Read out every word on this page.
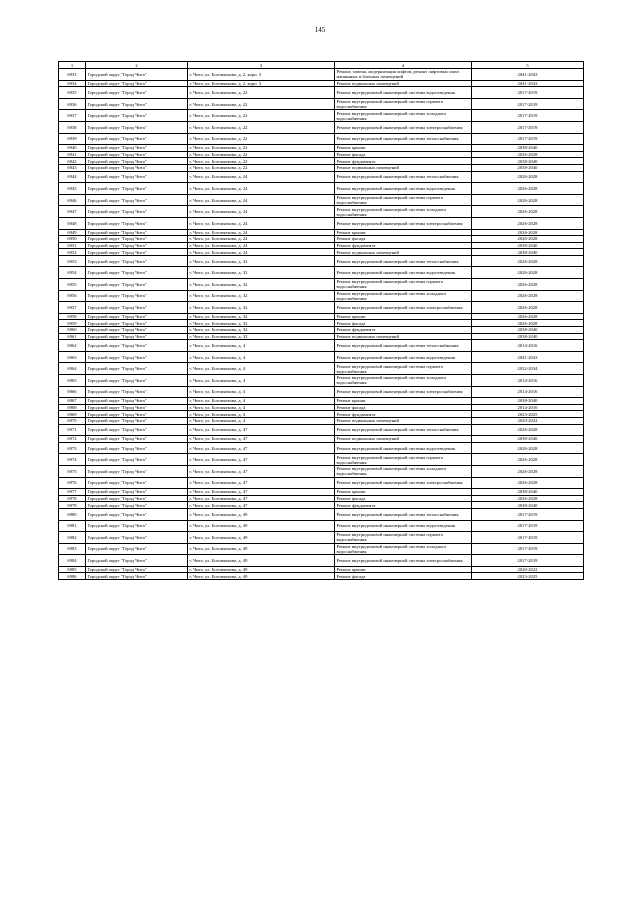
145
1	2	3	4	5
6933	Городской округ "Город Чита"	г. Чита, ул. Богомягкова, д. 2, корп. 3	Ремонт, замена, модернизация лифтов, ремонт лифтовых шахт, машинных и блочных помещений	2041-2043
6934	Городской округ "Город Чита"	г. Чита, ул. Богомягкова, д. 2, корп. 3	Ремонт подвальных помещений	2041-2043
6935	Городской округ "Город Чита"	г. Чита, ул. Богомягкова, д. 22	Ремонт внутридомовой инженерной системы водоотведения	2017-2019
6936	Городской округ "Город Чита"	г. Чита, ул. Богомягкова, д. 22	Ремонт внутридомовой инженерной системы горячего водоснабжения	2017-2019
6937	Городской округ "Город Чита"	г. Чита, ул. Богомягкова, д. 22	Ремонт внутридомовой инженерной системы холодного водоснабжения	2017-2019
6938	Городской округ "Город Чита"	г. Чита, ул. Богомягкова, д. 22	Ремонт внутридомовой инженерной системы электроснабжения	2017-2019
6939	Городской округ "Город Чита"	г. Чита, ул. Богомягкова, д. 22	Ремонт внутридомовой инженерной системы теплоснабжения	2017-2019
6940	Городской округ "Город Чита"	г. Чита, ул. Богомягкова, д. 22	Ремонт крыши	2038-2040
6941	Городской округ "Город Чита"	г. Чита, ул. Богомягкова, д. 22	Ремонт фасада	2026-2028
6942	Городской округ "Город Чита"	г. Чита, ул. Богомягкова, д. 22	Ремонт фундамента	2038-2040
6943	Городской округ "Город Чита"	г. Чита, ул. Богомягкова, д. 22	Ремонт подвальных помещений	2038-2040
6944	Городской округ "Город Чита"	г. Чита, ул. Богомягкова, д. 24	Ремонт внутридомовой инженерной системы теплоснабжения	2026-2028
6945	Городской округ "Город Чита"	г. Чита, ул. Богомягкова, д. 24	Ремонт внутридомовой инженерной системы водоотведения	2026-2028
6946	Городской округ "Город Чита"	г. Чита, ул. Богомягкова, д. 24	Ремонт внутридомовой инженерной системы горячего водоснабжения	2026-2028
6947	Городской округ "Город Чита"	г. Чита, ул. Богомягкова, д. 24	Ремонт внутридомовой инженерной системы холодного водоснабжения	2026-2028
6948	Городской округ "Город Чита"	г. Чита, ул. Богомягкова, д. 24	Ремонт внутридомовой инженерной системы электроснабжения	2026-2028
6949	Городской округ "Город Чита"	г. Чита, ул. Богомягкова, д. 24	Ремонт крыши	2026-2028
6950	Городской округ "Город Чита"	г. Чита, ул. Богомягкова, д. 24	Ремонт фасада	2026-2028
6951	Городской округ "Город Чита"	г. Чита, ул. Богомягкова, д. 24	Ремонт фундамента	2038-2040
6952	Городской округ "Город Чита"	г. Чита, ул. Богомягкова, д. 24	Ремонт подвальных помещений	2038-2040
6953	Городской округ "Город Чита"	г. Чита, ул. Богомягкова, д. 32	Ремонт внутридомовой инженерной системы теплоснабжения	2026-2028
6954	Городской округ "Город Чита"	г. Чита, ул. Богомягкова, д. 32	Ремонт внутридомовой инженерной системы водоотведения	2026-2028
6955	Городской округ "Город Чита"	г. Чита, ул. Богомягкова, д. 32	Ремонт внутридомовой инженерной системы горячего водоснабжения	2026-2028
6956	Городской округ "Город Чита"	г. Чита, ул. Богомягкова, д. 32	Ремонт внутридомовой инженерной системы холодного водоснабжения	2026-2028
6957	Городской округ "Город Чита"	г. Чита, ул. Богомягкова, д. 32	Ремонт внутридомовой инженерной системы электроснабжения	2026-2028
6958	Городской округ "Город Чита"	г. Чита, ул. Богомягкова, д. 32	Ремонт крыши	2026-2028
6959	Городской округ "Город Чита"	г. Чита, ул. Богомягкова, д. 32	Ремонт фасада	2026-2028
6960	Городской округ "Город Чита"	г. Чита, ул. Богомягкова, д. 32	Ремонт фундамента	2038-2040
6961	Городской округ "Город Чита"	г. Чита, ул. Богомягкова, д. 32	Ремонт подвальных помещений	2038-2040
6962	Городской округ "Город Чита"	г. Чита, ул. Богомягкова, д. 4	Ремонт внутридомовой инженерной системы теплоснабжения	2014-2016
6963	Городской округ "Город Чита"	г. Чита, ул. Богомягкова, д. 4	Ремонт внутридомовой инженерной системы водоотведения	2041-2043
6964	Городской округ "Город Чита"	г. Чита, ул. Богомягкова, д. 4	Ремонт внутридомовой инженерной системы горячего водоснабжения	2032-2034
6965	Городской округ "Город Чита"	г. Чита, ул. Богомягкова, д. 4	Ремонт внутридомовой инженерной системы холодного водоснабжения	2014-2016
6966	Городской округ "Город Чита"	г. Чита, ул. Богомягкова, д. 4	Ремонт внутридомовой инженерной системы электроснабжения	2014-2016
6967	Городской округ "Город Чита"	г. Чита, ул. Богомягкова, д. 4	Ремонт крыши	2038-2040
6968	Городской округ "Город Чита"	г. Чита, ул. Богомягкова, д. 4	Ремонт фасада	2014-2016
6969	Городской округ "Город Чита"	г. Чита, ул. Богомягкова, д. 4	Ремонт фундамента	2023-2025
6970	Городской округ "Город Чита"	г. Чита, ул. Богомягкова, д. 4	Ремонт подвальных помещений	2020-2022
6971	Городской округ "Город Чита"	г. Чита, ул. Богомягкова, д. 47	Ремонт внутридомовой инженерной системы теплоснабжения	2026-2028
6972	Городской округ "Город Чита"	г. Чита, ул. Богомягкова, д. 47	Ремонт подвальных помещений	2038-2040
6973	Городской округ "Город Чита"	г. Чита, ул. Богомягкова, д. 47	Ремонт внутридомовой инженерной системы водоотведения	2026-2028
6974	Городской округ "Город Чита"	г. Чита, ул. Богомягкова, д. 47	Ремонт внутридомовой инженерной системы горячего водоснабжения	2026-2028
6975	Городской округ "Город Чита"	г. Чита, ул. Богомягкова, д. 47	Ремонт внутридомовой инженерной системы холодного водоснабжения	2026-2028
6976	Городской округ "Город Чита"	г. Чита, ул. Богомягкова, д. 47	Ремонт внутридомовой инженерной системы электроснабжения	2026-2028
6977	Городской округ "Город Чита"	г. Чита, ул. Богомягкова, д. 47	Ремонт крыши	2038-2040
6978	Городской округ "Город Чита"	г. Чита, ул. Богомягкова, д. 47	Ремонт фасада	2026-2028
6979	Городской округ "Город Чита"	г. Чита, ул. Богомягкова, д. 47	Ремонт фундамента	2038-2040
6980	Городской округ "Город Чита"	г. Чита, ул. Богомягкова, д. 49	Ремонт внутридомовой инженерной системы теплоснабжения	2017-2019
6981	Городской округ "Город Чита"	г. Чита, ул. Богомягкова, д. 49	Ремонт внутридомовой инженерной системы водоотведения	2017-2019
6982	Городской округ "Город Чита"	г. Чита, ул. Богомягкова, д. 49	Ремонт внутридомовой инженерной системы горячего водоснабжения	2017-2019
6983	Городской округ "Город Чита"	г. Чита, ул. Богомягкова, д. 49	Ремонт внутридомовой инженерной системы холодного водоснабжения	2017-2019
6984	Городской округ "Город Чита"	г. Чита, ул. Богомягкова, д. 49	Ремонт внутридомовой инженерной системы электроснабжения	2017-2019
6985	Городской округ "Город Чита"	г. Чита, ул. Богомягкова, д. 49	Ремонт крыши	2020-2022
6986	Городской округ "Город Чита"	г. Чита, ул. Богомягкова, д. 49	Ремонт фасада	2023-2025
